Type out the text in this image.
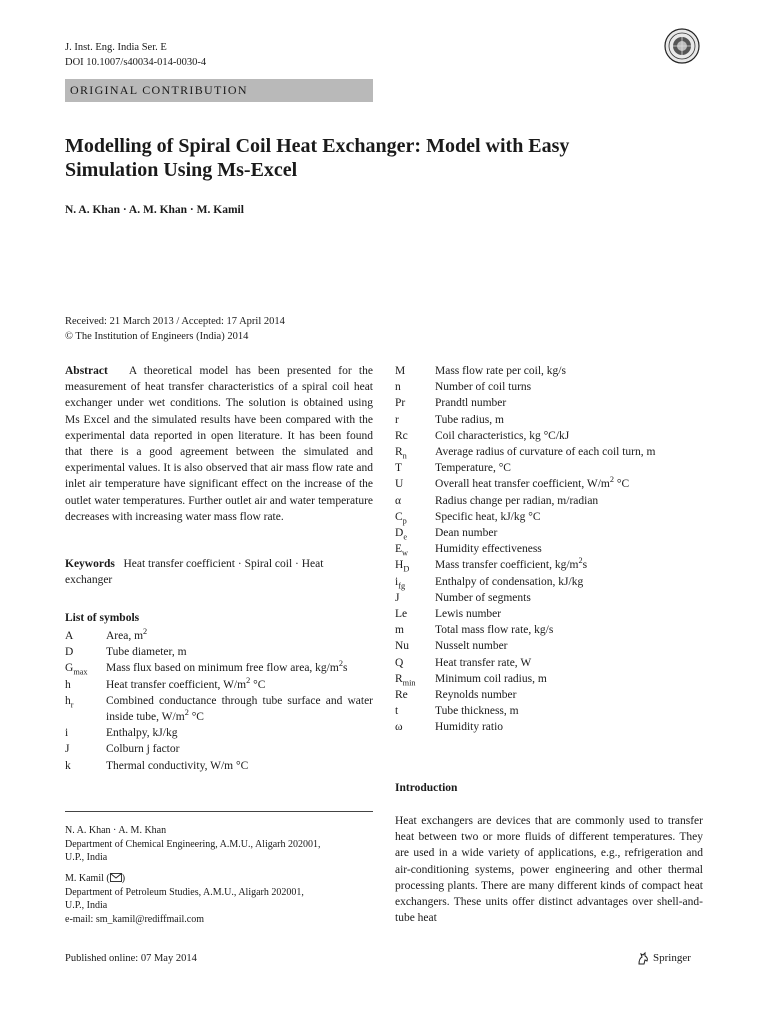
J. Inst. Eng. India Ser. E
DOI 10.1007/s40034-014-0030-4
ORIGINAL CONTRIBUTION
Modelling of Spiral Coil Heat Exchanger: Model with Easy
Simulation Using Ms-Excel
N. A. Khan · A. M. Khan · M. Kamil
Received: 21 March 2013 / Accepted: 17 April 2014
© The Institution of Engineers (India) 2014
Abstract A theoretical model has been presented for the measurement of heat transfer characteristics of a spiral coil heat exchanger under wet conditions. The solution is obtained using Ms Excel and the simulated results have been compared with the experimental data reported in open literature. It has been found that there is a good agreement between the simulated and experimental values. It is also observed that air mass flow rate and inlet air temperature have significant effect on the increase of the outlet water temperatures. Further outlet air and water temperature decreases with increasing water mass flow rate.
Keywords Heat transfer coefficient · Spiral coil · Heat exchanger
List of symbols
A	Area, $m^2$
D	Tube diameter, m
$G_{max}$	Mass flux based on minimum free flow area, $kg/m^2s$
h	Heat transfer coefficient, $W/m^2$ °C
$h_r$	Combined conductance through tube surface and water inside tube, $W/m^2$ °C
i	Enthalpy, kJ/kg
J	Colburn j factor
k	Thermal conductivity, W/m °C
M	Mass flow rate per coil, kg/s
n	Number of coil turns
Pr	Prandtl number
r	Tube radius, m
Rc	Coil characteristics, kg °C/kJ
$R_n$	Average radius of curvature of each coil turn, m
T	Temperature, °C
U	Overall heat transfer coefficient, $W/m^2$ °C
α	Radius change per radian, m/radian
$C_p$	Specific heat, kJ/kg °C
$D_e$	Dean number
$E_w$	Humidity effectiveness
$H_D$	Mass transfer coefficient, $kg/m^2s$
$i_{fg}$	Enthalpy of condensation, kJ/kg
J	Number of segments
Le	Lewis number
m	Total mass flow rate, kg/s
Nu	Nusselt number
Q	Heat transfer rate, W
$R_{min}$	Minimum coil radius, m
Re	Reynolds number
t	Tube thickness, m
ω	Humidity ratio
N. A. Khan · A. M. Khan
Department of Chemical Engineering, A.M.U., Aligarh 202001,
U.P., India
M. Kamil ( )
Department of Petroleum Studies, A.M.U., Aligarh 202001,
U.P., India
e-mail: sm_kamil@rediffmail.com
Introduction
Heat exchangers are devices that are commonly used to transfer heat between two or more fluids of different temperatures. They are used in a wide variety of applications, e.g., refrigeration and air-conditioning systems, power engineering and other thermal processing plants. There are many different kinds of compact heat exchangers. These units offer distinct advantages over shell-and-tube heat
Published online: 07 May 2014	Springer
